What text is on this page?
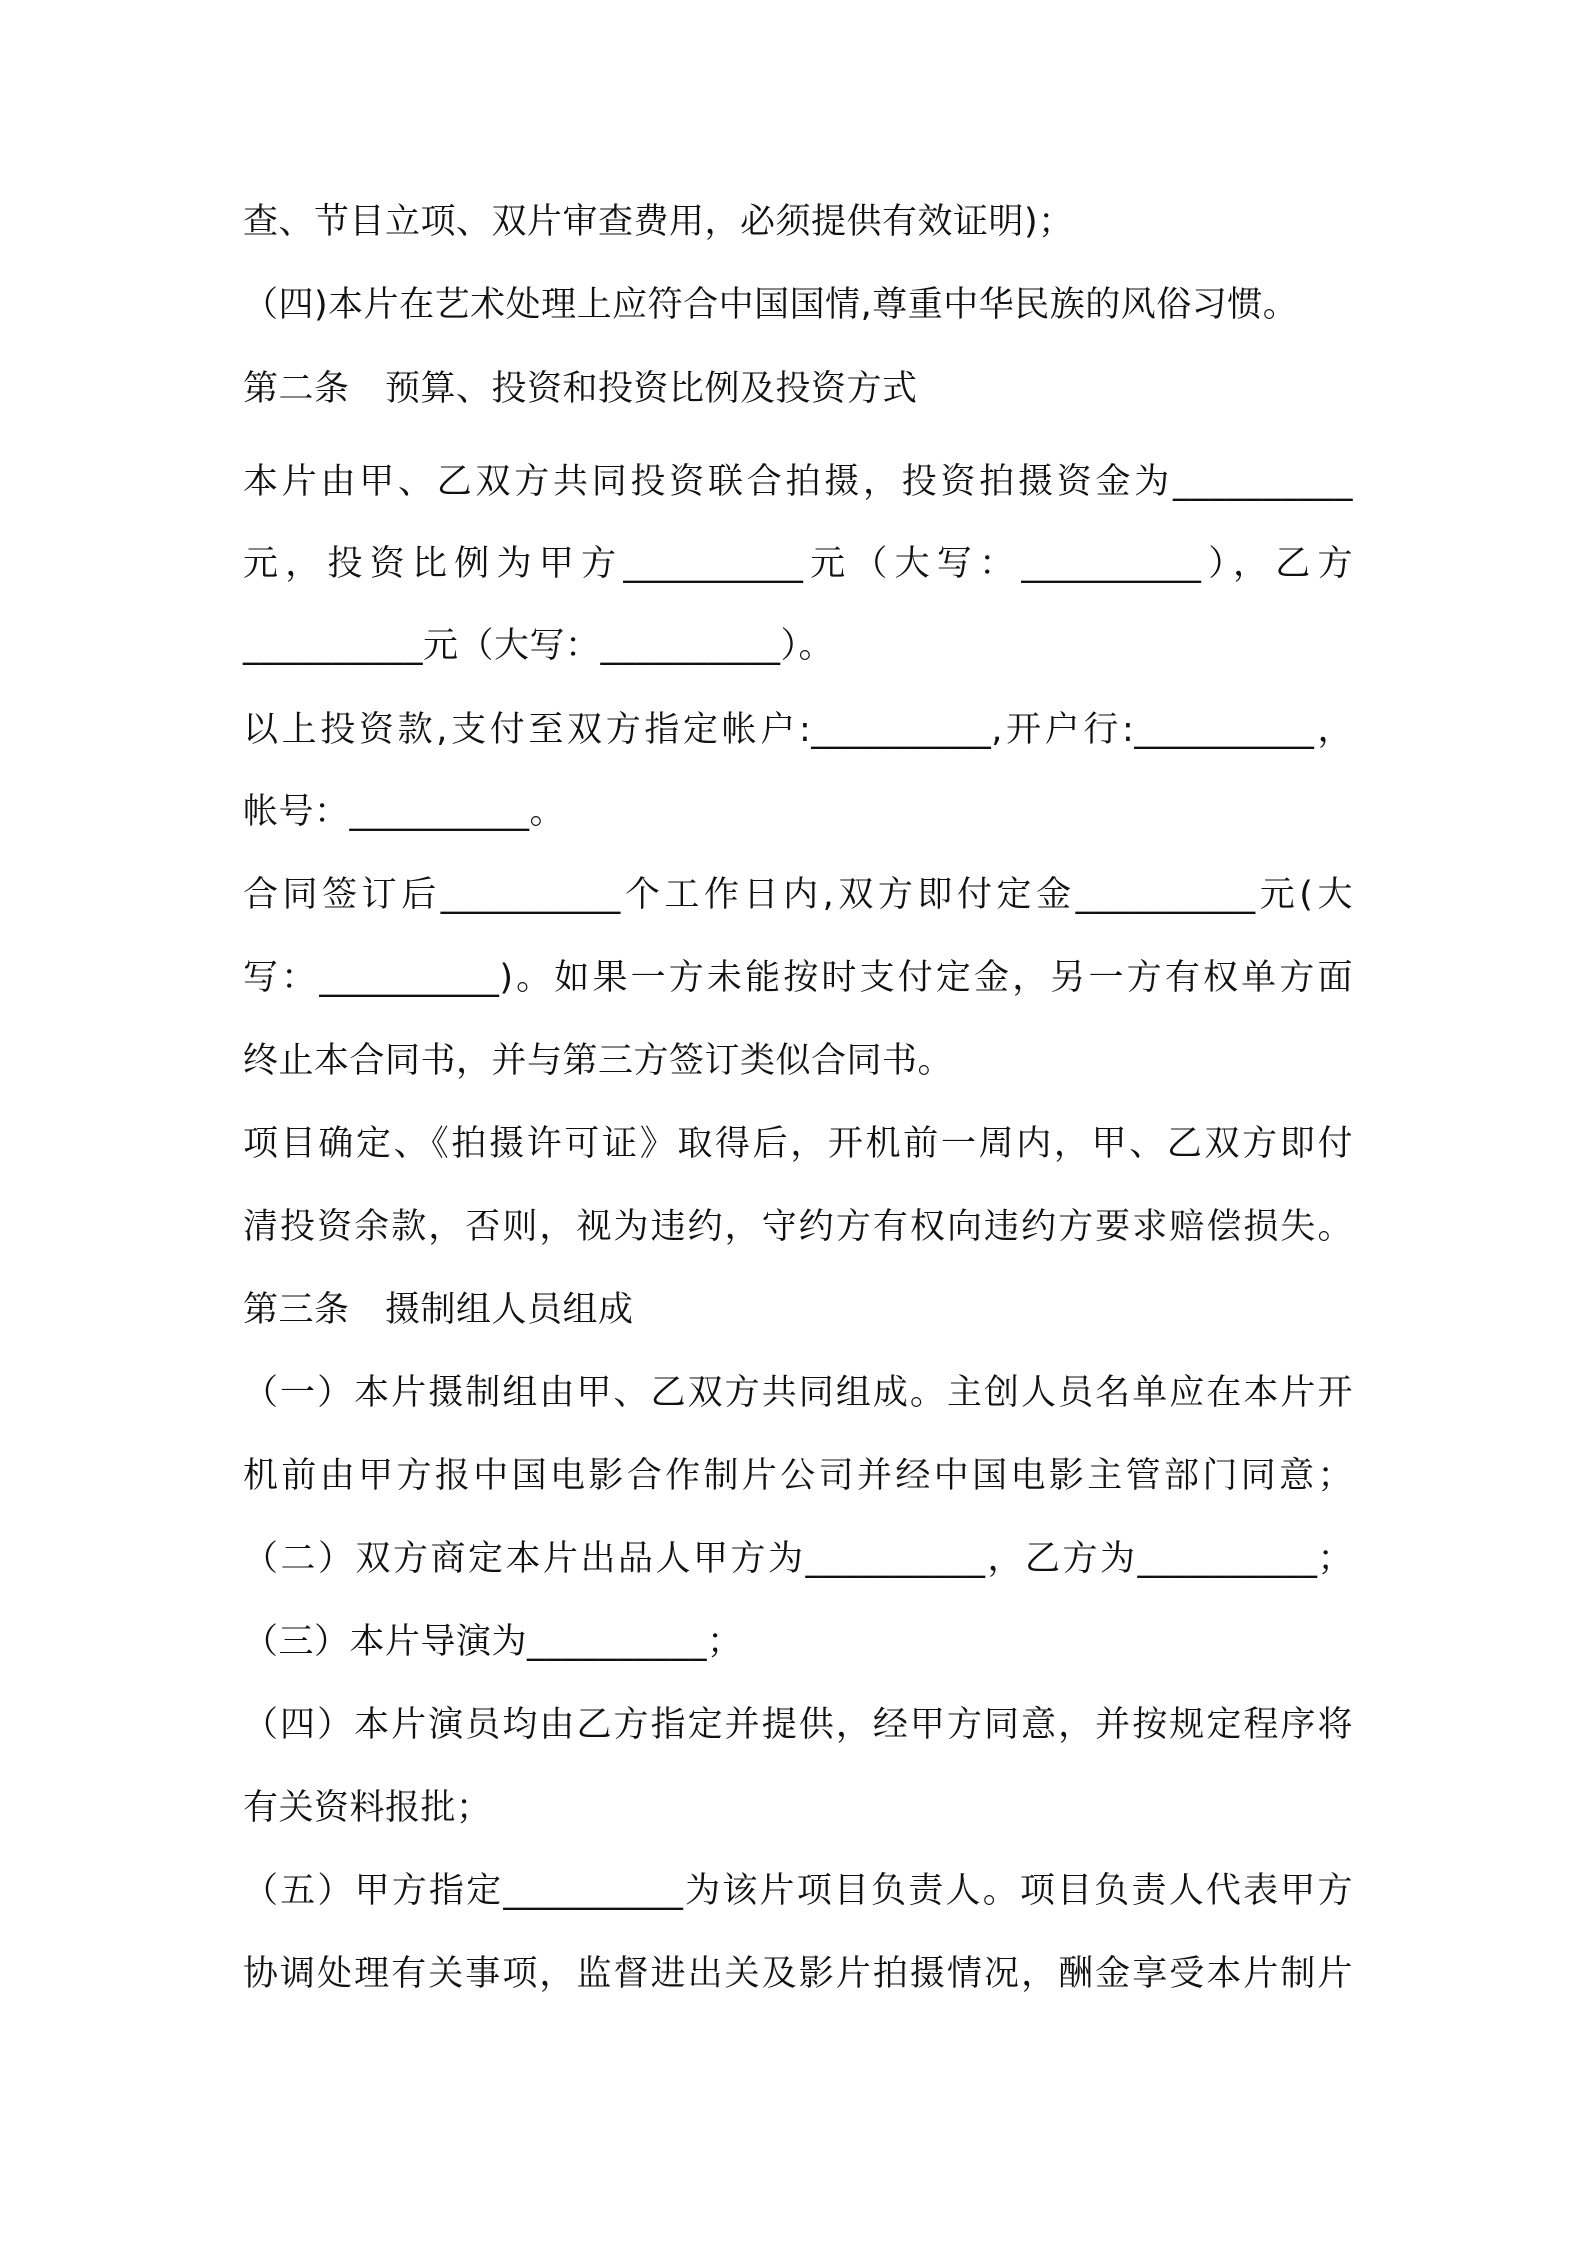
查、节目立项、双片审查费用，必须提供有效证明)；
（四)本片在艺术处理上应符合中国国情,尊重中华民族的风俗习惯。
第二条　预算、投资和投资比例及投资方式
本片由甲、乙双方共同投资联合拍摄，投资拍摄资金为__________
元，投资比例为甲方__________元（大写：__________），乙方
__________元（大写：__________）。
以上投资款,支付至双方指定帐户:__________,开户行:__________，
帐号：__________。
合同签订后__________个工作日内,双方即付定金__________元(大
写：__________)。如果一方未能按时支付定金，另一方有权单方面
终止本合同书，并与第三方签订类似合同书。
项目确定、《拍摄许可证》取得后，开机前一周内，甲、乙双方即付
清投资余款，否则，视为违约，守约方有权向违约方要求赔偿损失。
第三条　摄制组人员组成
（一）本片摄制组由甲、乙双方共同组成。主创人员名单应在本片开
机前由甲方报中国电影合作制片公司并经中国电影主管部门同意；
（二）双方商定本片出品人甲方为__________，乙方为__________；
（三）本片导演为__________；
（四）本片演员均由乙方指定并提供，经甲方同意，并按规定程序将
有关资料报批；
（五）甲方指定__________为该片项目负责人。项目负责人代表甲方
协调处理有关事项，监督进出关及影片拍摄情况，酬金享受本片制片
